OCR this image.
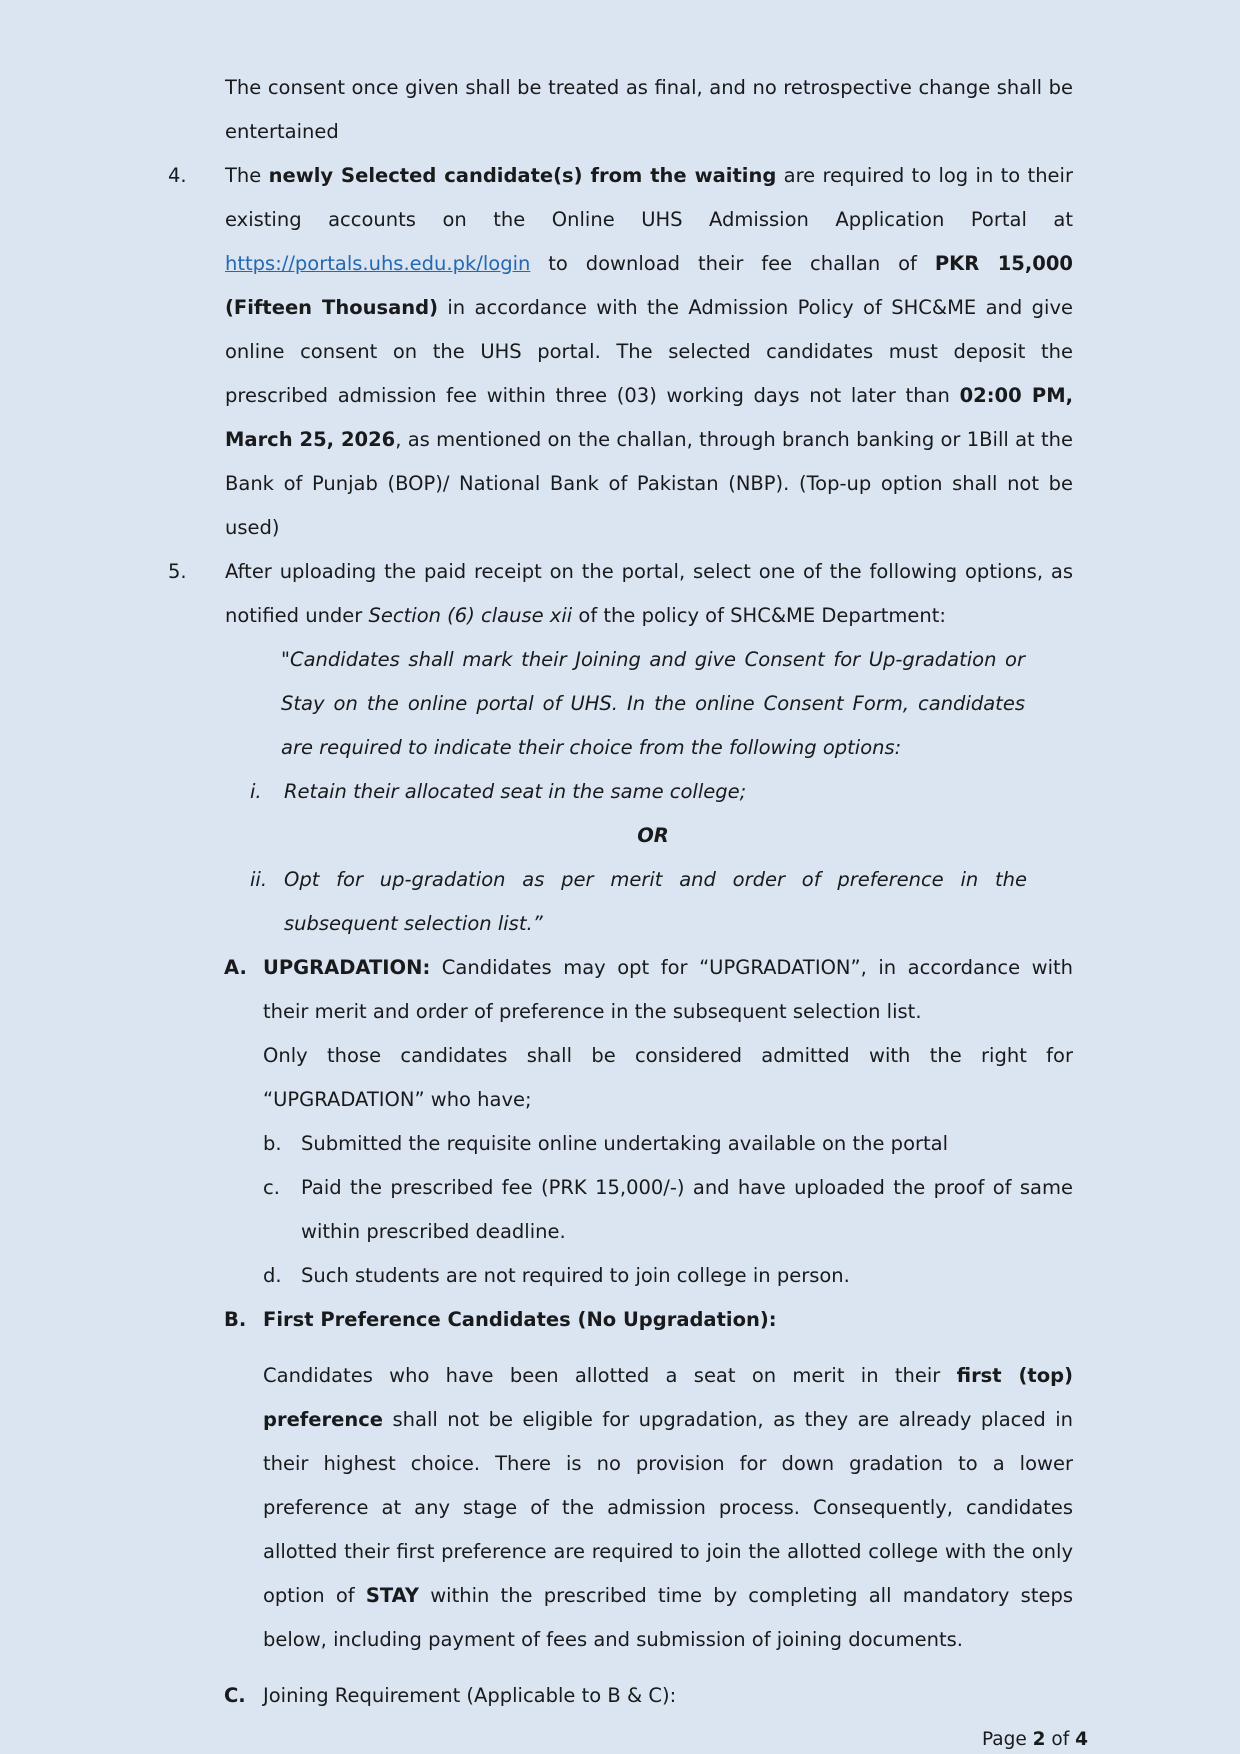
The consent once given shall be treated as final, and no retrospective change shall be entertained

4.	The newly Selected candidate(s) from the waiting are required to log in to their existing accounts on the Online UHS Admission Application Portal at https://portals.uhs.edu.pk/login to download their fee challan of PKR 15,000 (Fifteen Thousand) in accordance with the Admission Policy of SHC&ME and give online consent on the UHS portal. The selected candidates must deposit the prescribed admission fee within three (03) working days not later than 02:00 PM, March 25, 2026, as mentioned on the challan, through branch banking or 1Bill at the Bank of Punjab (BOP)/ National Bank of Pakistan (NBP). (Top-up option shall not be used)

5.	After uploading the paid receipt on the portal, select one of the following options, as notified under Section (6) clause xii of the policy of SHC&ME Department:

"Candidates shall mark their Joining and give Consent for Up-gradation or Stay on the online portal of UHS. In the online Consent Form, candidates are required to indicate their choice from the following options:

i.	Retain their allocated seat in the same college;

OR

ii. Opt for up-gradation as per merit and order of preference in the subsequent selection list.”

A. UPGRADATION: Candidates may opt for “UPGRADATION”, in accordance with their merit and order of preference in the subsequent selection list.

Only those candidates shall be considered admitted with the right for “UPGRADATION” who have;

b. Submitted the requisite online undertaking available on the portal

c.	Paid the prescribed fee (PRK 15,000/-) and have uploaded the proof of same within prescribed deadline.

d. Such students are not required to join college in person.

B. First Preference Candidates (No Upgradation):

Candidates who have been allotted a seat on merit in their first (top) preference shall not be eligible for upgradation, as they are already placed in their highest choice. There is no provision for down gradation to a lower preference at any stage of the admission process. Consequently, candidates allotted their first preference are required to join the allotted college with the only option of STAY within the prescribed time by completing all mandatory steps below, including payment of fees and submission of joining documents.

C. Joining Requirement (Applicable to B & C):

Page 2 of 4
